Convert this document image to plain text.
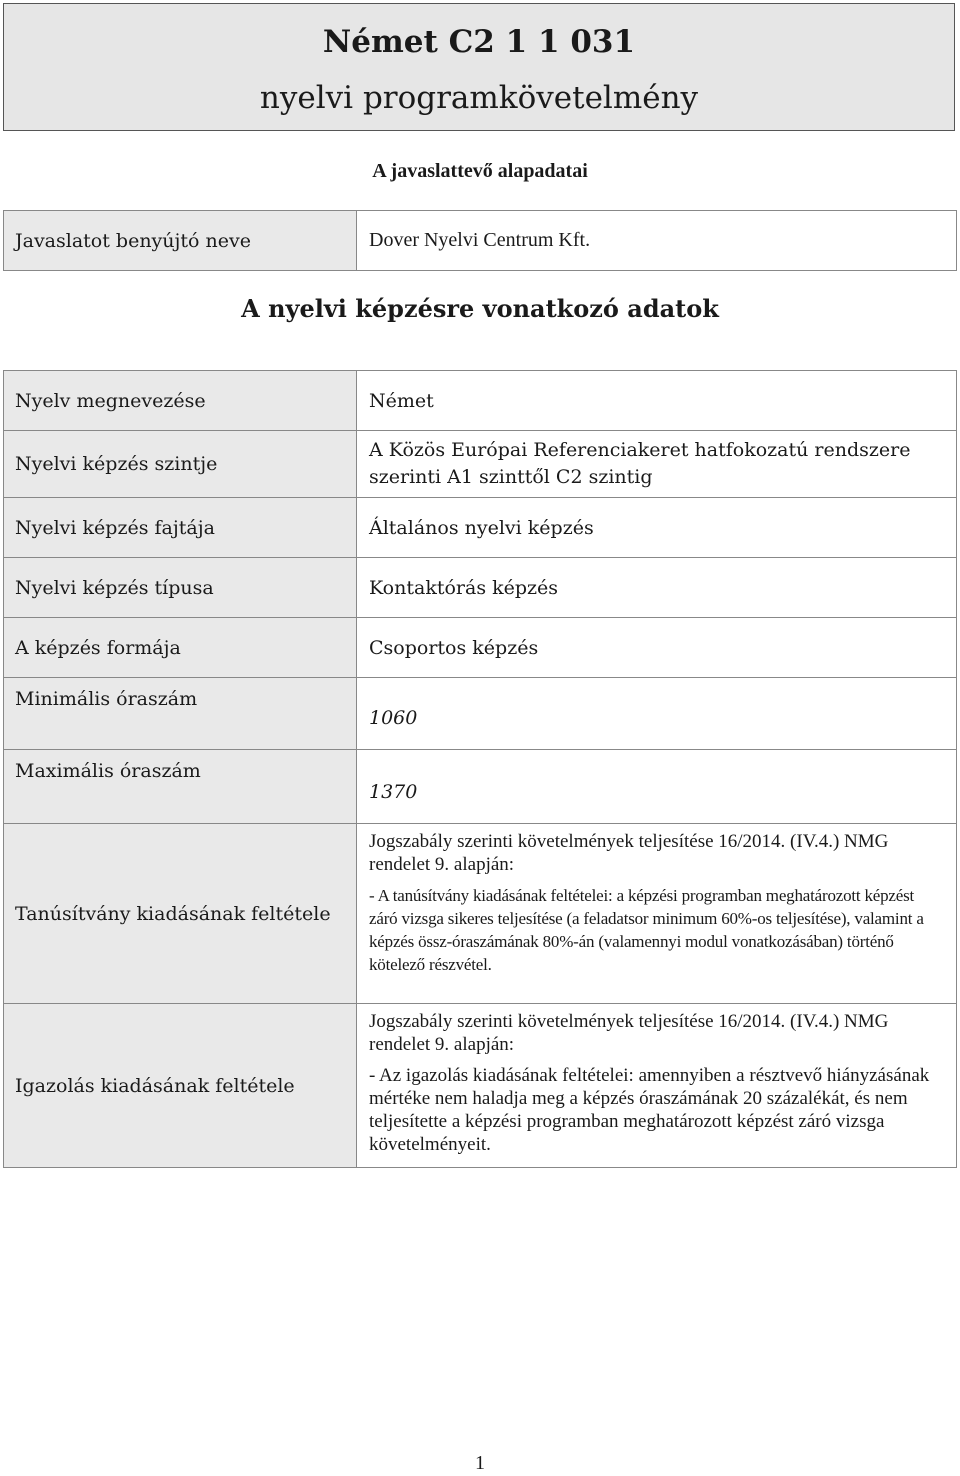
Német C2 1 1 031
nyelvi programkövetelmény
A javaslattevő alapadatai
Javaslatot benyújtó neve	Dover Nyelvi Centrum Kft.
A nyelvi képzésre vonatkozó adatok
Nyelv megnevezése	Német
Nyelvi képzés szintje	A Közös Európai Referenciakeret hatfokozatú rendszere szerinti A1 szinttől C2 szintig
Nyelvi képzés fajtája	Általános nyelvi képzés
Nyelvi képzés típusa	Kontaktórás képzés
A képzés formája	Csoportos képzés
Minimális óraszám	1060
Maximális óraszám	1370
Tanúsítvány kiadásának feltétele	Jogszabály szerinti követelmények teljesítése 16/2014. (IV.4.) NMG rendelet 9. alapján:

- A tanúsítvány kiadásának feltételei: a képzési programban meghatározott képzést záró vizsga sikeres teljesítése (a feladatsor minimum 60%-os teljesítése), valamint a képzés össz-óraszámának 80%-án (valamennyi modul vonatkozásában) történő kötelező részvétel.

Igazolás kiadásának feltétele	Jogszabály szerinti követelmények teljesítése 16/2014. (IV.4.) NMG rendelet 9. alapján:

- Az igazolás kiadásának feltételei: amennyiben a résztvevő hiányzásának mértéke nem haladja meg a képzés óraszámának 20 százalékát, és nem teljesítette a képzési programban meghatározott képzést záró vizsga követelményeit.

1
